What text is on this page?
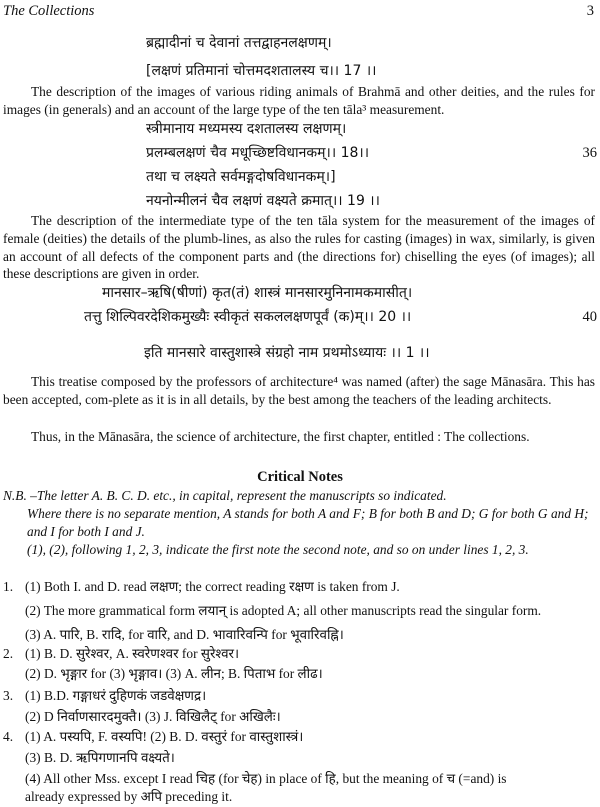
The Collections	3
ब्रह्मादीनां च देवानां तत्तद्वाहनलक्षणम्।
[लक्षणं प्रतिमानां चोत्तमदशतालस्य च।। 17 ।।
The description of the images of various riding animals of Brahmā and other deities, and the rules for images (in generals) and an account of the large type of the ten tāla³ measurement.
स्त्रीमानाय मध्यमस्य दशतालस्य लक्षणम्।
प्रलम्बलक्षणं चैव मधूच्छिष्टविधानकम्।। 18।।	36
तथा च लक्ष्यते सर्वमङ्गदोषविधानकम्।]
नयनोन्मीलनं चैव लक्षणं वक्ष्यते क्रमात्।। 19 ।।
The description of the intermediate type of the ten tāla system for the measurement of the images of female (deities) the details of the plumb-lines, as also the rules for casting (images) in wax, similarly, is given an account of all defects of the component parts and (the directions for) chiselling the eyes (of images); all these descriptions are given in order.
मानसार–ऋषि(षीणां) कृत(तं) शास्त्रं मानसारमुनिनामकमासीत्।
तत्तु शिल्पिवरदेशिकमुख्यैः स्वीकृतं सकललक्षणपूर्वं (क)म्।। 20 ।।	40
इति मानसारे वास्तुशास्त्रे संग्रहो नाम प्रथमोऽध्यायः ।। 1 ।।
This treatise composed by the professors of architecture⁴ was named (after) the sage Mānasāra. This has been accepted, com-plete as it is in all details, by the best among the teachers of the leading architects.
Thus, in the Mānasāra, the science of architecture, the first chapter, entitled : The collections.
Critical Notes
N.B. –The letter A. B. C. D. etc., in capital, represent the manuscripts so indicated.
Where there is no separate mention, A stands for both A and F; B for both B and D; G for both G and H; and I for both I and J.
(1), (2), following 1, 2, 3, indicate the first note the second note, and so on under lines 1, 2, 3.
1. (1) Both I. and D. read लक्षण; the correct reading रक्षण is taken from J.
(2) The more grammatical form लयान् is adopted A; all other manuscripts read the singular form.
(3) A. पारि, B. रादि, for वारि, and D. भावारिवन्पि for भूवारिवह्नि।
2. (1) B. D. सुरेश्वर, A. स्वरेणश्वर for सुरेश्वर।
(2) D. भृङ्गार for (3) भृङ्गाव। (3) A. लीन; B. पिताभ for लीढ।
3. (1) B.D. गङ्गाधरं दुहिणकं जडवेक्षणद्र।
(2) D निर्वाणसारदमुक्तै। (3) J. विखिलैट् for अखिलैः।
4. (1) A. पस्यपि, F. वस्यपि! (2) B. D. वस्तुरं for वास्तुशास्त्रं।
(3) B. D. ऋपिगणानपि वक्ष्यते।
(4) All other Mss. except I read चिह (for चेह) in place of हि, but the meaning of च (=and) is
already expressed by अपि preceding it.
